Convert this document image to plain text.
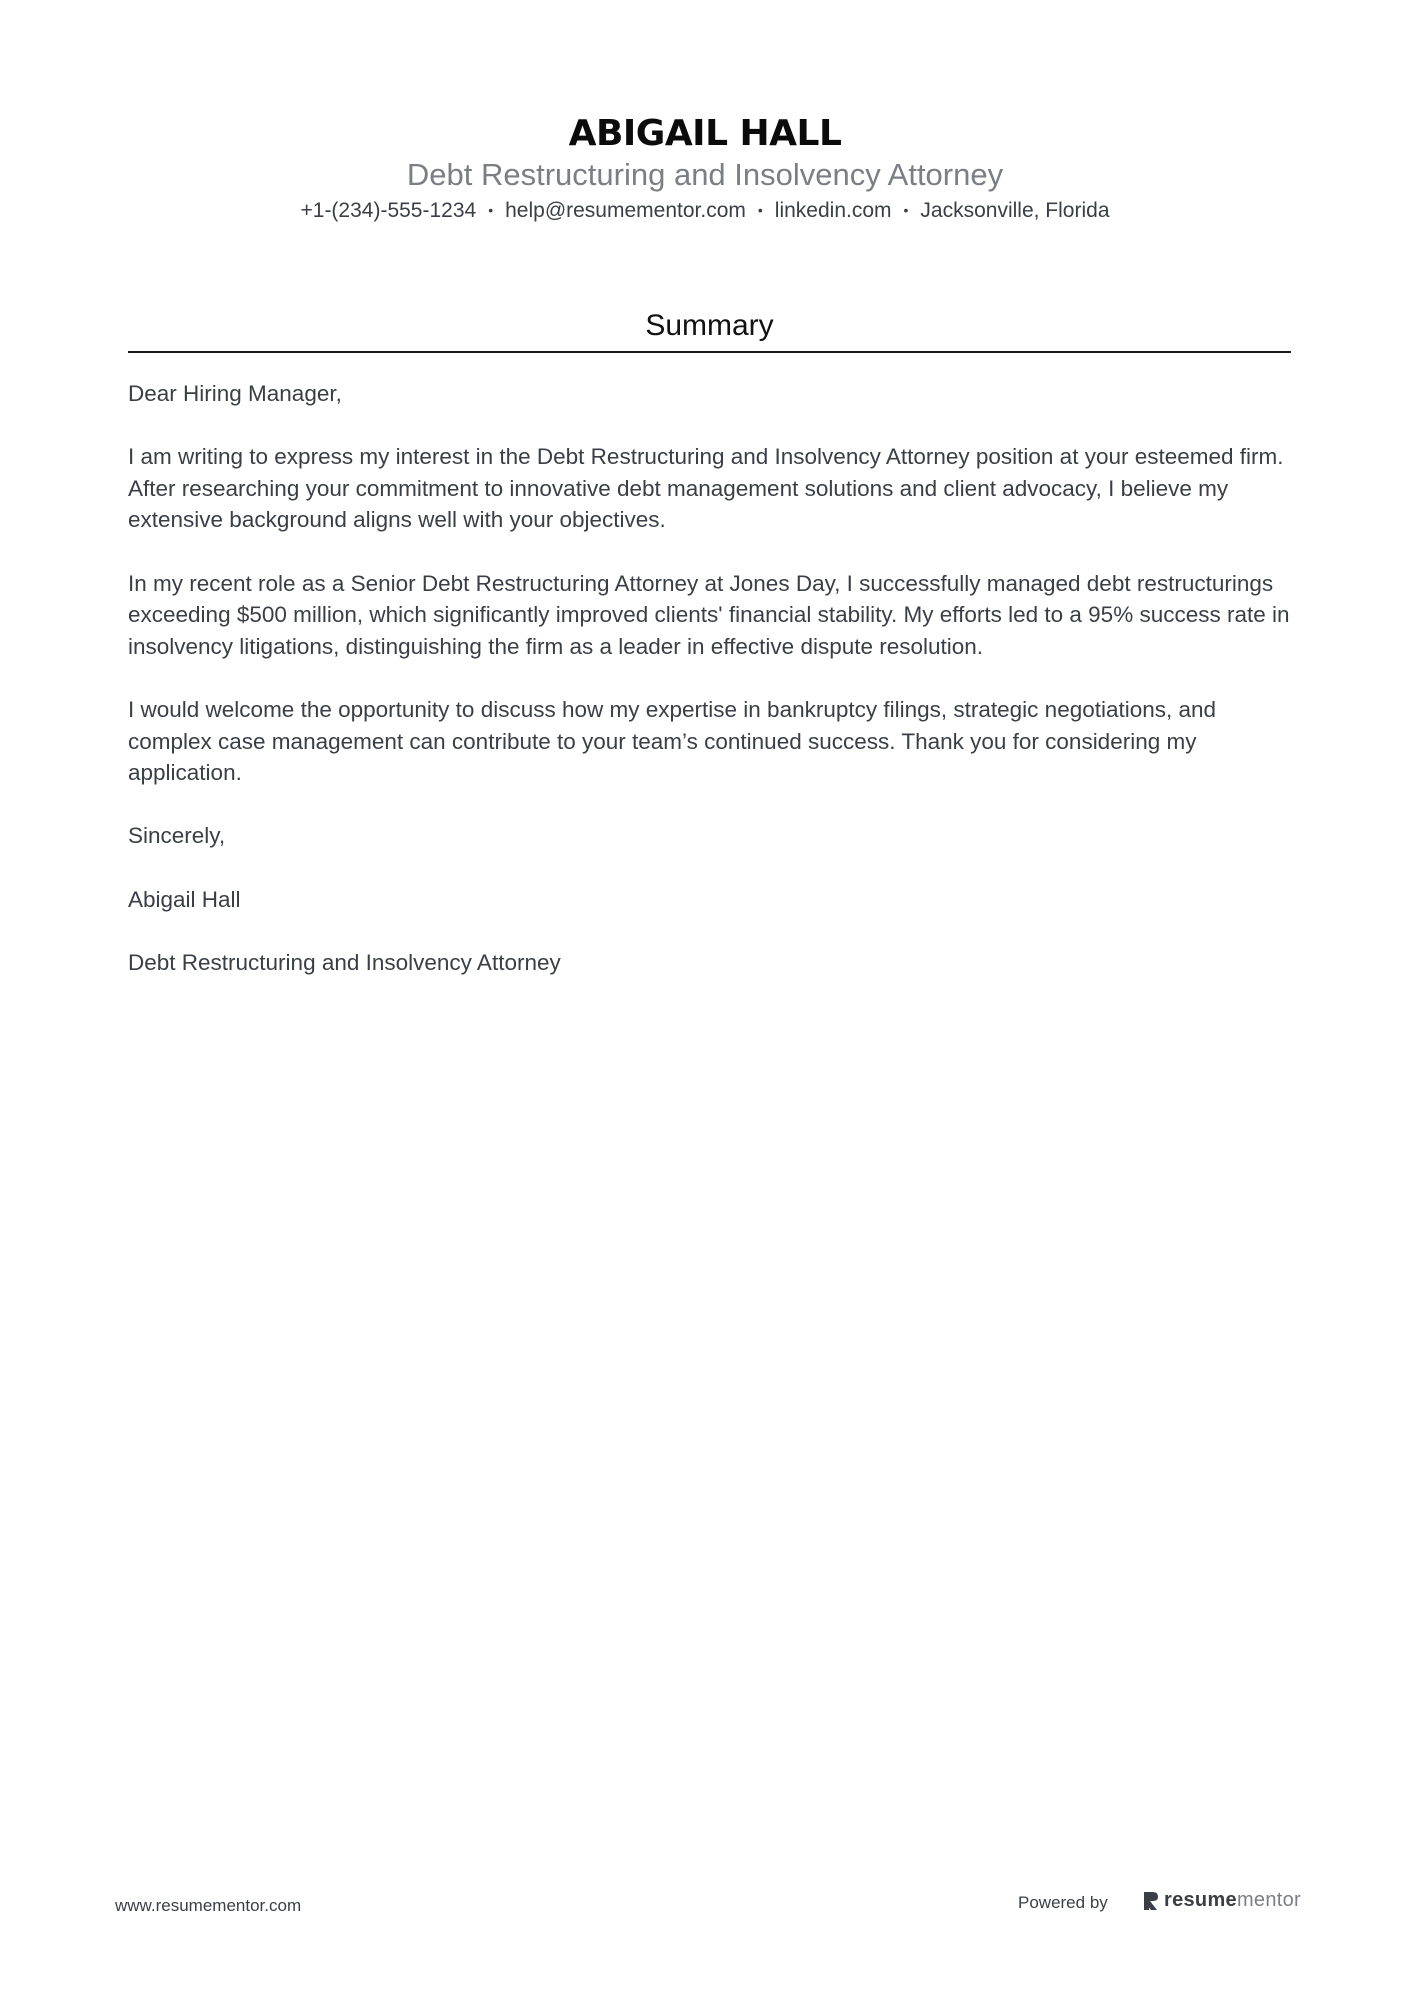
ABIGAIL HALL
Debt Restructuring and Insolvency Attorney
+1-(234)-555-1234 • help@resumementor.com • linkedin.com • Jacksonville, Florida
Summary

Dear Hiring Manager,

I am writing to express my interest in the Debt Restructuring and Insolvency Attorney position at your esteemed firm. After researching your commitment to innovative debt management solutions and client advocacy, I believe my extensive background aligns well with your objectives.

In my recent role as a Senior Debt Restructuring Attorney at Jones Day, I successfully managed debt restructurings exceeding $500 million, which significantly improved clients' financial stability. My efforts led to a 95% success rate in insolvency litigations, distinguishing the firm as a leader in effective dispute resolution.

I would welcome the opportunity to discuss how my expertise in bankruptcy filings, strategic negotiations, and complex case management can contribute to your team’s continued success. Thank you for considering my application.

Sincerely,

Abigail Hall

Debt Restructuring and Insolvency Attorney

www.resumementor.com	Powered by	resume mentor
